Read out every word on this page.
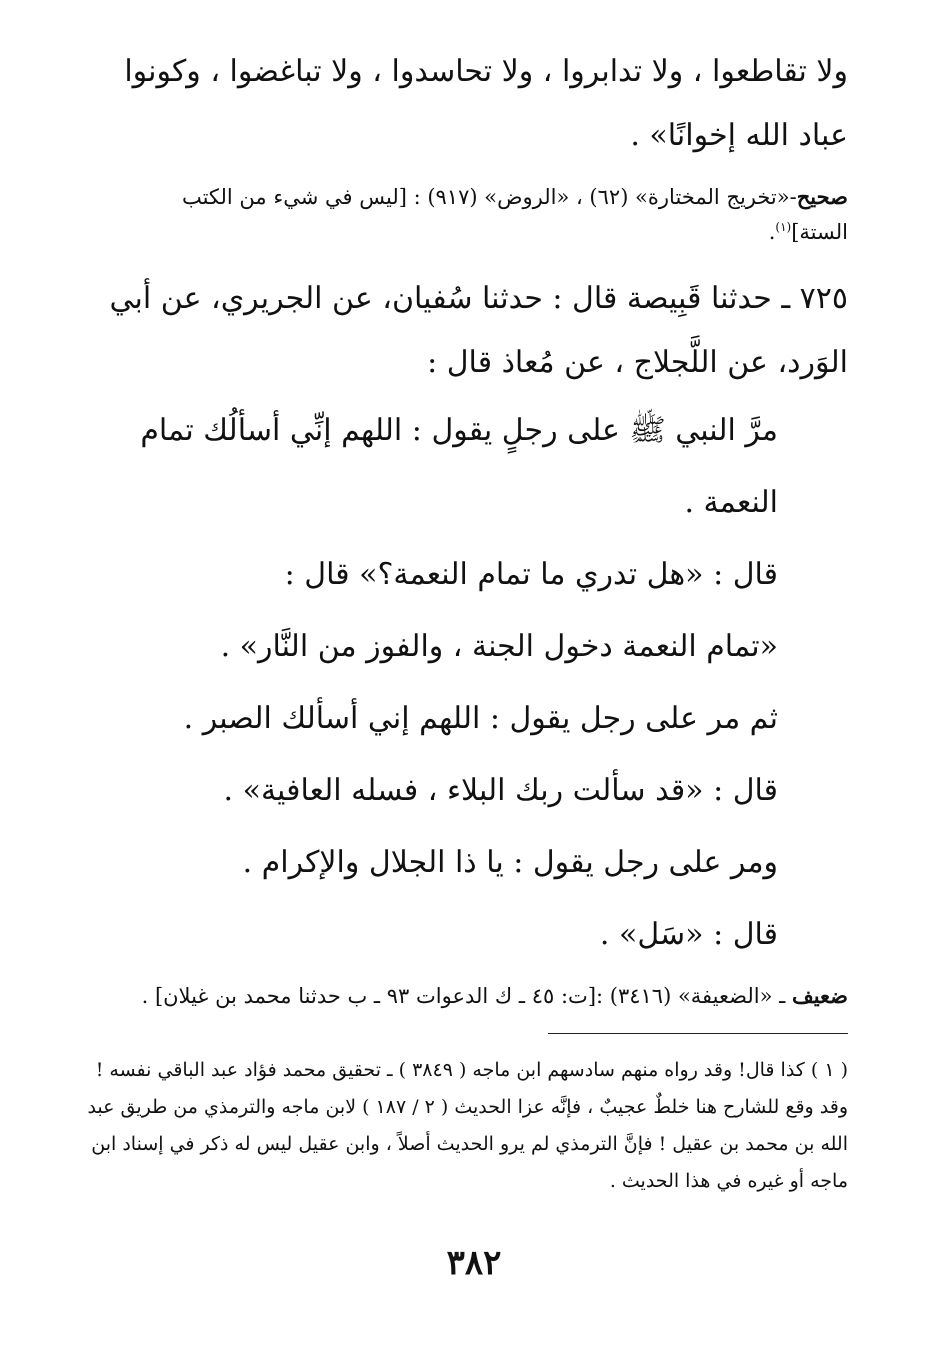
ولا تقاطعوا ، ولا تدابروا ، ولا تحاسدوا ، ولا تباغضوا ، وكونوا

عباد الله إخوانًا» .

صحيح-«تخريج المختارة» (٦٢) ، «الروض» (٩١٧) : [ليس في شيء من الكتب
الستة]$^{(١)}$.

٧٢٥ ـ حدثنا قَبِيصة قال : حدثنا سُفيان، عن الجريري، عن أبي

الوَرد، عن اللَّجلاج ، عن مُعاذ قال :

مرَّ النبي ﷺ على رجلٍ يقول : اللهم إنِّي أسألُك تمام النعمة .

قال : «هل تدري ما تمام النعمة؟» قال :

«تمام النعمة دخول الجنة ، والفوز من النَّار» .

ثم مر على رجل يقول : اللهم إني أسألك الصبر .

قال : «قد سألت ربك البلاء ، فسله العافية» .

ومر على رجل يقول : يا ذا الجلال والإكرام .

قال : «سَل» .

ضعيف ـ «الضعيفة» (٣٤١٦) :[ت: ٤٥ ـ ك الدعوات ٩٣ ـ ب حدثنا محمد بن غيلان] .

( ١ ) كذا قال! وقد رواه منهم سادسهم ابن ماجه ( ٣٨٤٩ ) ـ تحقيق محمد فؤاد عبد الباقي نفسه !

وقد وقع للشارح هنا خلطٌ عجيبٌ ، فإنَّه عزا الحديث ( ٢ / ١٨٧ ) لابن ماجه والترمذي من طريق عبد

الله بن محمد بن عقيل ! فإنَّ الترمذي لم يرو الحديث أصلاً ، وابن عقيل ليس له ذكر في إسناد ابن

ماجه أو غيره في هذا الحديث .

٣٨٢
